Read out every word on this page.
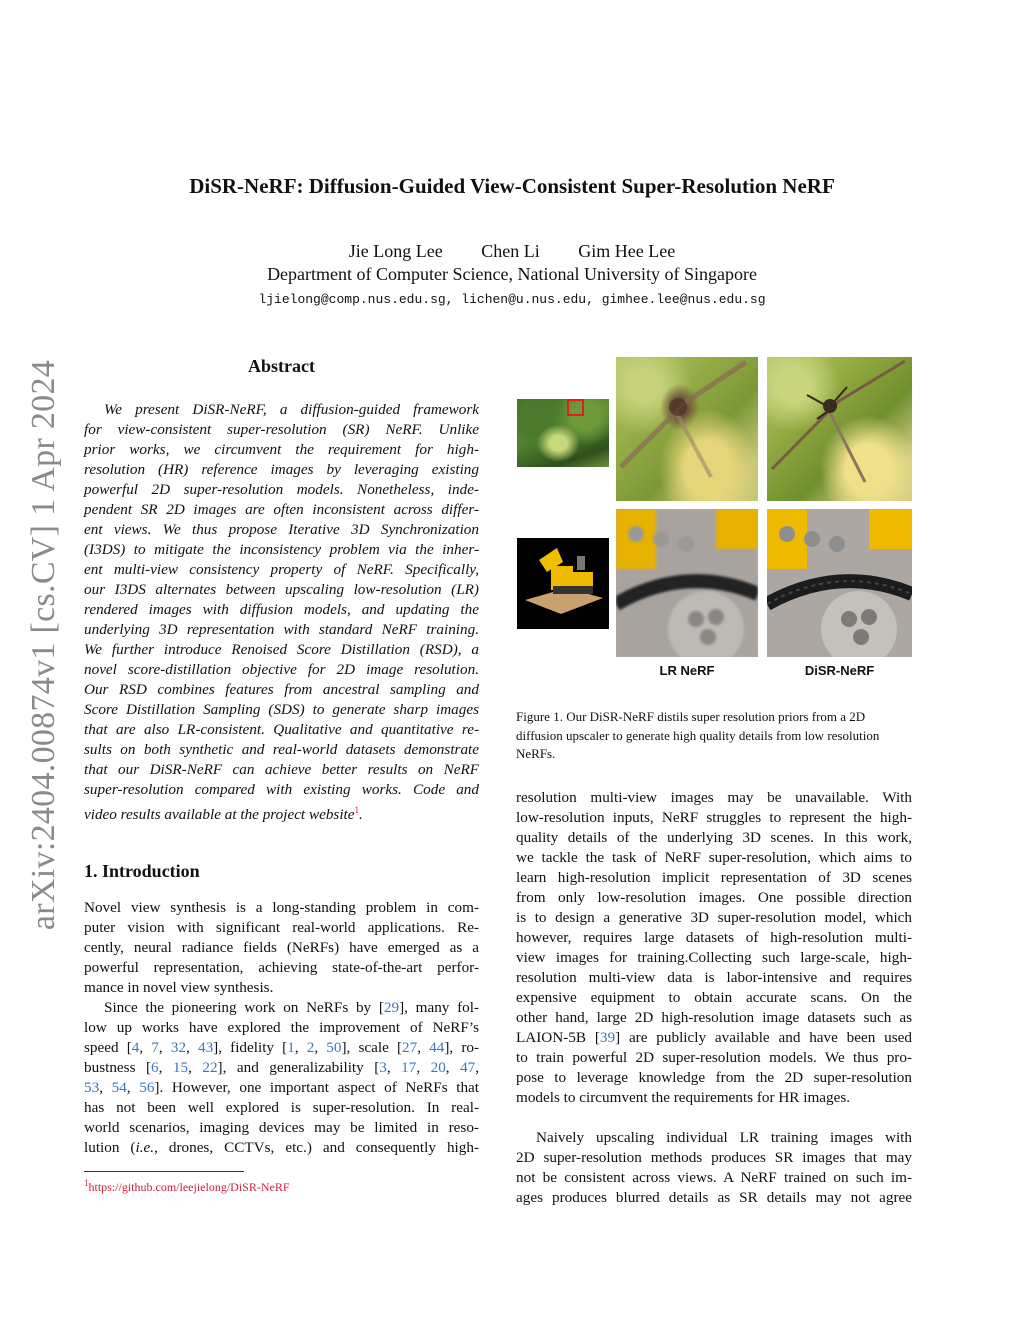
arXiv:2404.00874v1 [cs.CV] 1 Apr 2024
DiSR-NeRF: Diffusion-Guided View-Consistent Super-Resolution NeRF
Jie Long Lee Chen Li Gim Hee Lee
Department of Computer Science, National University of Singapore
ljielong@comp.nus.edu.sg, lichen@u.nus.edu, gimhee.lee@nus.edu.sg
Abstract
We present DiSR-NeRF, a diffusion-guided framework
for view-consistent super-resolution (SR) NeRF. Unlike
prior works, we circumvent the requirement for high-
resolution (HR) reference images by leveraging existing
powerful 2D super-resolution models. Nonetheless, inde-
pendent SR 2D images are often inconsistent across differ-
ent views. We thus propose Iterative 3D Synchronization
(I3DS) to mitigate the inconsistency problem via the inher-
ent multi-view consistency property of NeRF. Specifically,
our I3DS alternates between upscaling low-resolution (LR)
rendered images with diffusion models, and updating the
underlying 3D representation with standard NeRF training.
We further introduce Renoised Score Distillation (RSD), a
novel score-distillation objective for 2D image resolution.
Our RSD combines features from ancestral sampling and
Score Distillation Sampling (SDS) to generate sharp images
that are also LR-consistent. Qualitative and quantitative re-
sults on both synthetic and real-world datasets demonstrate
that our DiSR-NeRF can achieve better results on NeRF
super-resolution compared with existing works. Code and
video results available at the project website$^1$.
1. Introduction
Novel view synthesis is a long-standing problem in com-
puter vision with significant real-world applications. Re-
cently, neural radiance fields (NeRFs) have emerged as a
powerful representation, achieving state-of-the-art perfor-
mance in novel view synthesis.
Since the pioneering work on NeRFs by [29], many fol-
low up works have explored the improvement of NeRF’s
speed [4, 7, 32, 43], fidelity [1, 2, 50], scale [27, 44], ro-
bustness [6, 15, 22], and generalizability [3, 17, 20, 47,
53, 54, 56]. However, one important aspect of NeRFs that
has not been well explored is super-resolution. In real-
world scenarios, imaging devices may be limited in reso-
lution (i.e., drones, CCTVs, etc.) and consequently high-
$^1$https://github.com/leejielong/DiSR-NeRF
LR NeRF	DiSR-NeRF
Figure 1. Our DiSR-NeRF distils super resolution priors from a 2D diffusion upscaler to generate high quality details from low resolution NeRFs.
resolution multi-view images may be unavailable. With
low-resolution inputs, NeRF struggles to represent the high-
quality details of the underlying 3D scenes. In this work,
we tackle the task of NeRF super-resolution, which aims to
learn high-resolution implicit representation of 3D scenes
from only low-resolution images. One possible direction
is to design a generative 3D super-resolution model, which
however, requires large datasets of high-resolution multi-
view images for training.Collecting such large-scale, high-
resolution multi-view data is labor-intensive and requires
expensive equipment to obtain accurate scans. On the
other hand, large 2D high-resolution image datasets such as
LAION-5B [39] are publicly available and have been used
to train powerful 2D super-resolution models. We thus pro-
pose to leverage knowledge from the 2D super-resolution
models to circumvent the requirements for HR images.
Naively upscaling individual LR training images with
2D super-resolution methods produces SR images that may
not be consistent across views. A NeRF trained on such im-
ages produces blurred details as SR details may not agree
